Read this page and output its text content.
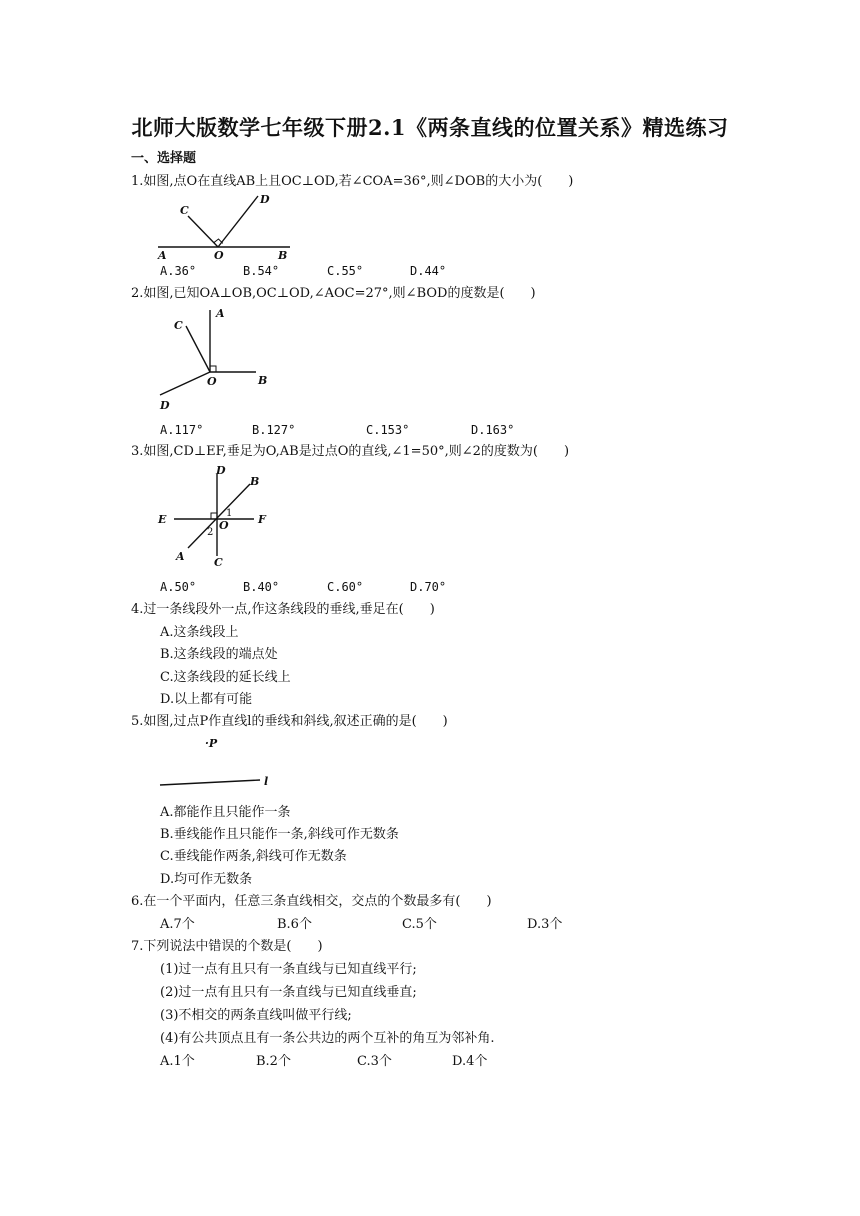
北师大版数学七年级下册2.1《两条直线的位置关系》精选练习
一、选择题
1.如图,点O在直线AB上且OC⊥OD,若∠COA=36°,则∠DOB的大小为(　　)
C
D
A	O	B
A.36°	B.54°	C.55°	D.44°
2.如图,已知OA⊥OB,OC⊥OD,∠AOC=27°,则∠BOD的度数是(　　)
C
A
O	B
D
A.117°	B.127°	C.153°	D.163°
3.如图,CD⊥EF,垂足为O,AB是过点O的直线,∠1=50°,则∠2的度数为(　　)
D
B
E	F
O
A	C
1
2
A.50°	B.40°	C.60°	D.70°
4.过一条线段外一点,作这条线段的垂线,垂足在(　　)
A.这条线段上
B.这条线段的端点处
C.这条线段的延长线上
D.以上都有可能
5.如图,过点P作直线l的垂线和斜线,叙述正确的是(　　)
·P
l
A.都能作且只能作一条
B.垂线能作且只能作一条,斜线可作无数条
C.垂线能作两条,斜线可作无数条
D.均可作无数条
6.在一个平面内，任意三条直线相交，交点的个数最多有(　　)
A.7个	B.6个	C.5个	D.3个
7.下列说法中错误的个数是(　　)
(1)过一点有且只有一条直线与已知直线平行;
(2)过一点有且只有一条直线与已知直线垂直;
(3)不相交的两条直线叫做平行线;
(4)有公共顶点且有一条公共边的两个互补的角互为邻补角.
A.1个	B.2个	C.3个	D.4个
